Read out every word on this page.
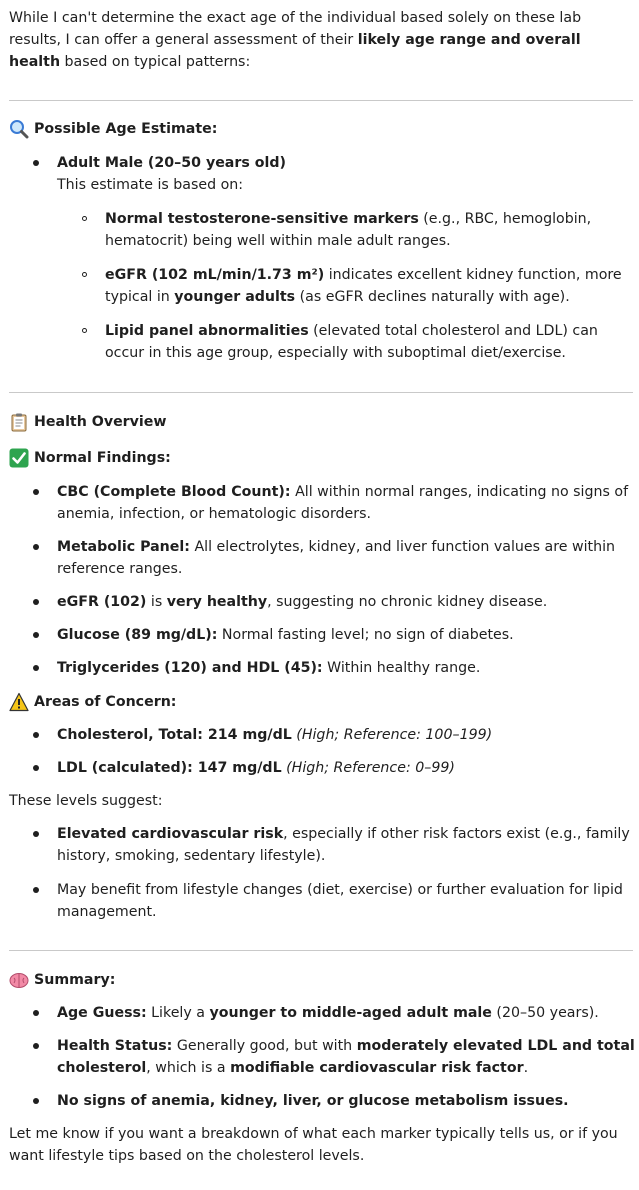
While I can't determine the exact age of the individual based solely on these lab results, I can offer a general assessment of their likely age range and overall health based on typical patterns:

Possible Age Estimate:
Adult Male (20–50 years old)
This estimate is based on:
Normal testosterone-sensitive markers (e.g., RBC, hemoglobin, hematocrit) being well within male adult ranges.
eGFR (102 mL/min/1.73 m²) indicates excellent kidney function, more typical in younger adults (as eGFR declines naturally with age).
Lipid panel abnormalities (elevated total cholesterol and LDL) can occur in this age group, especially with suboptimal diet/exercise.
Health Overview
Normal Findings:
CBC (Complete Blood Count): All within normal ranges, indicating no signs of anemia, infection, or hematologic disorders.
Metabolic Panel: All electrolytes, kidney, and liver function values are within reference ranges.
eGFR (102) is very healthy, suggesting no chronic kidney disease.
Glucose (89 mg/dL): Normal fasting level; no sign of diabetes.
Triglycerides (120) and HDL (45): Within healthy range.
Areas of Concern:
Cholesterol, Total: 214 mg/dL (High; Reference: 100–199)
LDL (calculated): 147 mg/dL (High; Reference: 0–99)

These levels suggest:

Elevated cardiovascular risk, especially if other risk factors exist (e.g., family history, smoking, sedentary lifestyle).
May benefit from lifestyle changes (diet, exercise) or further evaluation for lipid management.
Summary:
Age Guess: Likely a younger to middle-aged adult male (20–50 years).
Health Status: Generally good, but with moderately elevated LDL and total cholesterol, which is a modifiable cardiovascular risk factor.
No signs of anemia, kidney, liver, or glucose metabolism issues.

Let me know if you want a breakdown of what each marker typically tells us, or if you want lifestyle tips based on the cholesterol levels.
